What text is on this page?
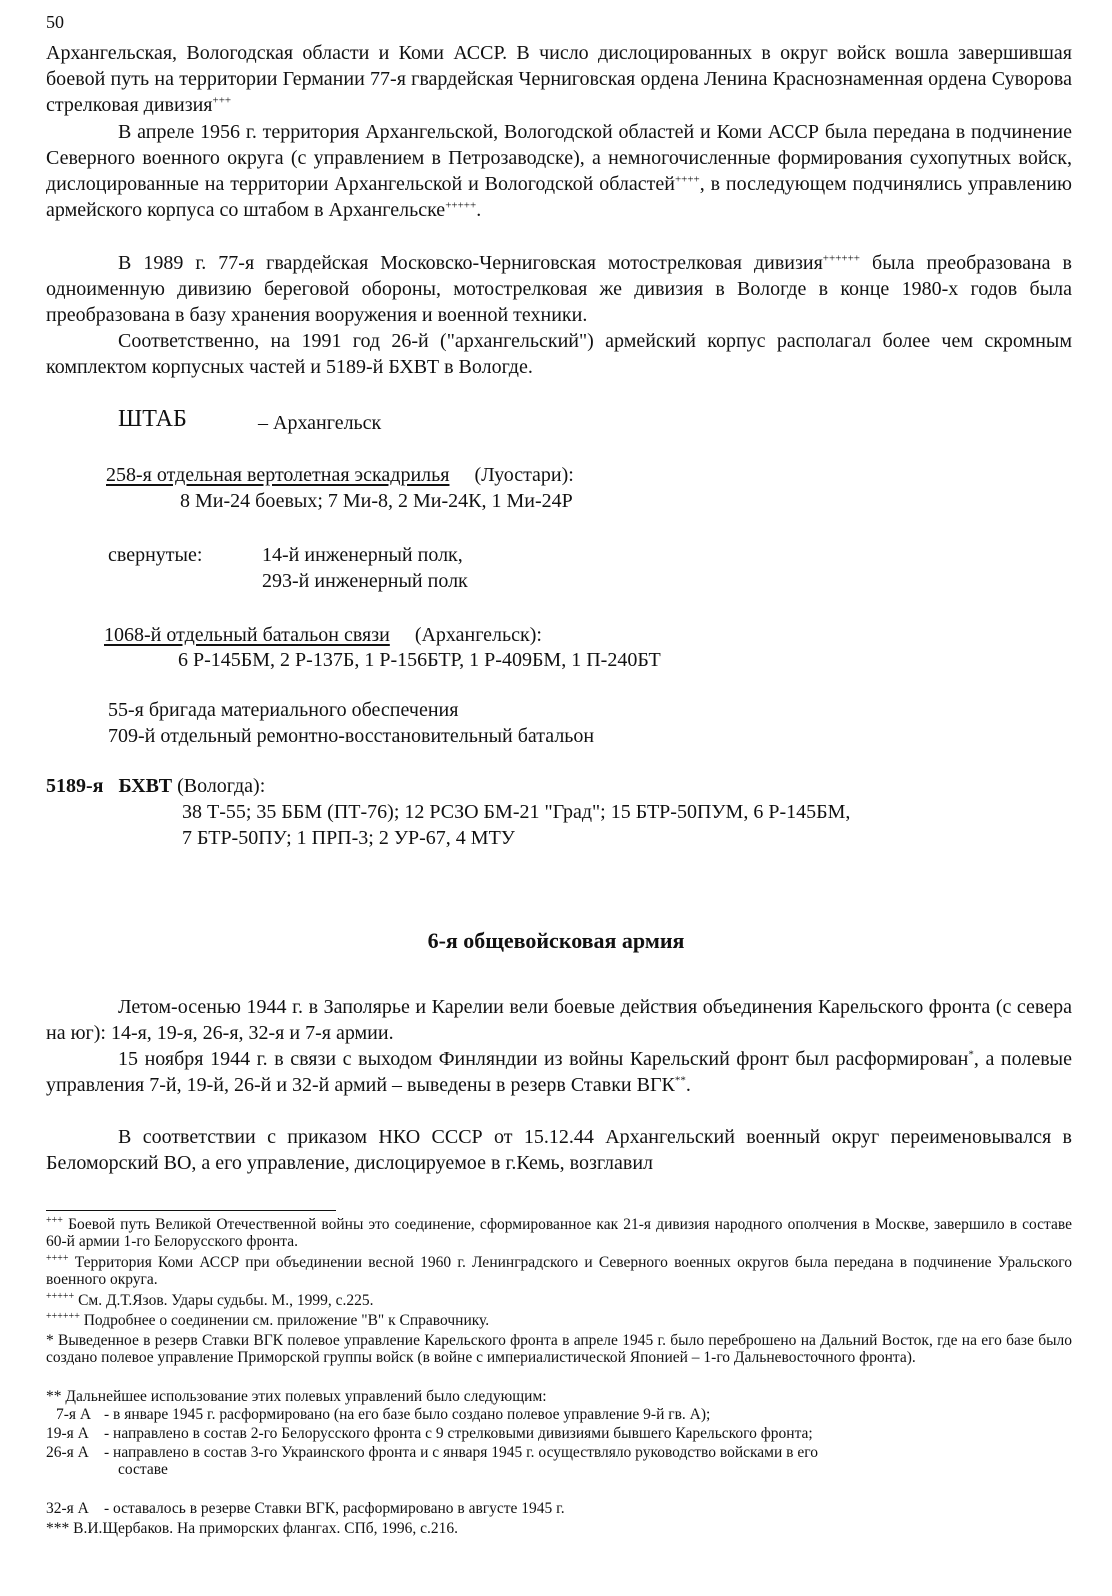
50
Архангельская, Вологодская области и Коми АССР. В число дислоцированных в округ войск вошла завершившая боевой путь на территории Германии 77-я гвардейская Черниговская ордена Ленина Краснознаменная ордена Суворова стрелковая дивизия+++
В апреле 1956 г. территория Архангельской, Вологодской областей и Коми АССР была передана в подчинение Северного военного округа (с управлением в Петрозаводске), а немногочисленные формирования сухопутных войск, дислоцированные на территории Архангельской и Вологодской областей++++, в последующем подчинялись управлению армейского корпуса со штабом в Архангельске+++++.
В 1989 г. 77-я гвардейская Московско-Черниговская мотострелковая дивизия++++++ была преобразована в одноименную дивизию береговой обороны, мотострелковая же дивизия в Вологде в конце 1980-х годов была преобразована в базу хранения вооружения и военной техники.
Соответственно, на 1991 год 26-й ("архангельский") армейский корпус располагал более чем скромным комплектом корпусных частей и 5189-й БХВТ в Вологде.
ШТАБ	– Архангельск
258-я отдельная вертолетная эскадрилья (Луостари):
8 Ми-24 боевых; 7 Ми-8, 2 Ми-24К, 1 Ми-24Р
свернутые:	14-й инженерный полк,
293-й инженерный полк
1068-й отдельный батальон связи (Архангельск):
6 Р-145БМ, 2 Р-137Б, 1 Р-156БТР, 1 Р-409БМ, 1 П-240БТ
55-я бригада материального обеспечения
709-й отдельный ремонтно-восстановительный батальон
5189-я БХВТ (Вологда):
38 Т-55; 35 ББМ (ПТ-76); 12 РСЗО БМ-21 "Град"; 15 БТР-50ПУМ, 6 Р-145БМ,
7 БТР-50ПУ; 1 ПРП-3; 2 УР-67, 4 МТУ
6-я общевойсковая армия
Летом-осенью 1944 г. в Заполярье и Карелии вели боевые действия объединения Карельского фронта (с севера на юг): 14-я, 19-я, 26-я, 32-я и 7-я армии.
15 ноября 1944 г. в связи с выходом Финляндии из войны Карельский фронт был расформирован*, а полевые управления 7-й, 19-й, 26-й и 32-й армий – выведены в резерв Ставки ВГК**.
В соответствии с приказом НКО СССР от 15.12.44 Архангельский военный округ переименовывался в Беломорский ВО, а его управление, дислоцируемое в г.Кемь, возглавил
+++ Боевой путь Великой Отечественной войны это соединение, сформированное как 21-я дивизия народного ополчения в Москве, завершило в составе 60-й армии 1-го Белорусского фронта.
++++ Территория Коми АССР при объединении весной 1960 г. Ленинградского и Северного военных округов была передана в подчинение Уральского военного округа.
+++++ См. Д.Т.Язов. Удары судьбы. М., 1999, с.225.
++++++ Подробнее о соединении см. приложение "В" к Справочнику.
* Выведенное в резерв Ставки ВГК полевое управление Карельского фронта в апреле 1945 г. было переброшено на Дальний Восток, где на его базе было создано полевое управление Приморской группы войск (в войне с империалистической Японией – 1-го Дальневосточного фронта).
** Дальнейшее использование этих полевых управлений было следующим:
7-я А - в январе 1945 г. расформировано (на его базе было создано полевое управление 9-й гв. А);
19-я А - направлено в состав 2-го Белорусского фронта с 9 стрелковыми дивизиями бывшего Карельского фронта;
26-я А - направлено в состав 3-го Украинского фронта и с января 1945 г. осуществляло руководство войсками в его
составе
32-я А - оставалось в резерве Ставки ВГК, расформировано в августе 1945 г.
*** В.И.Щербаков. На приморских флангах. СПб, 1996, с.216.
